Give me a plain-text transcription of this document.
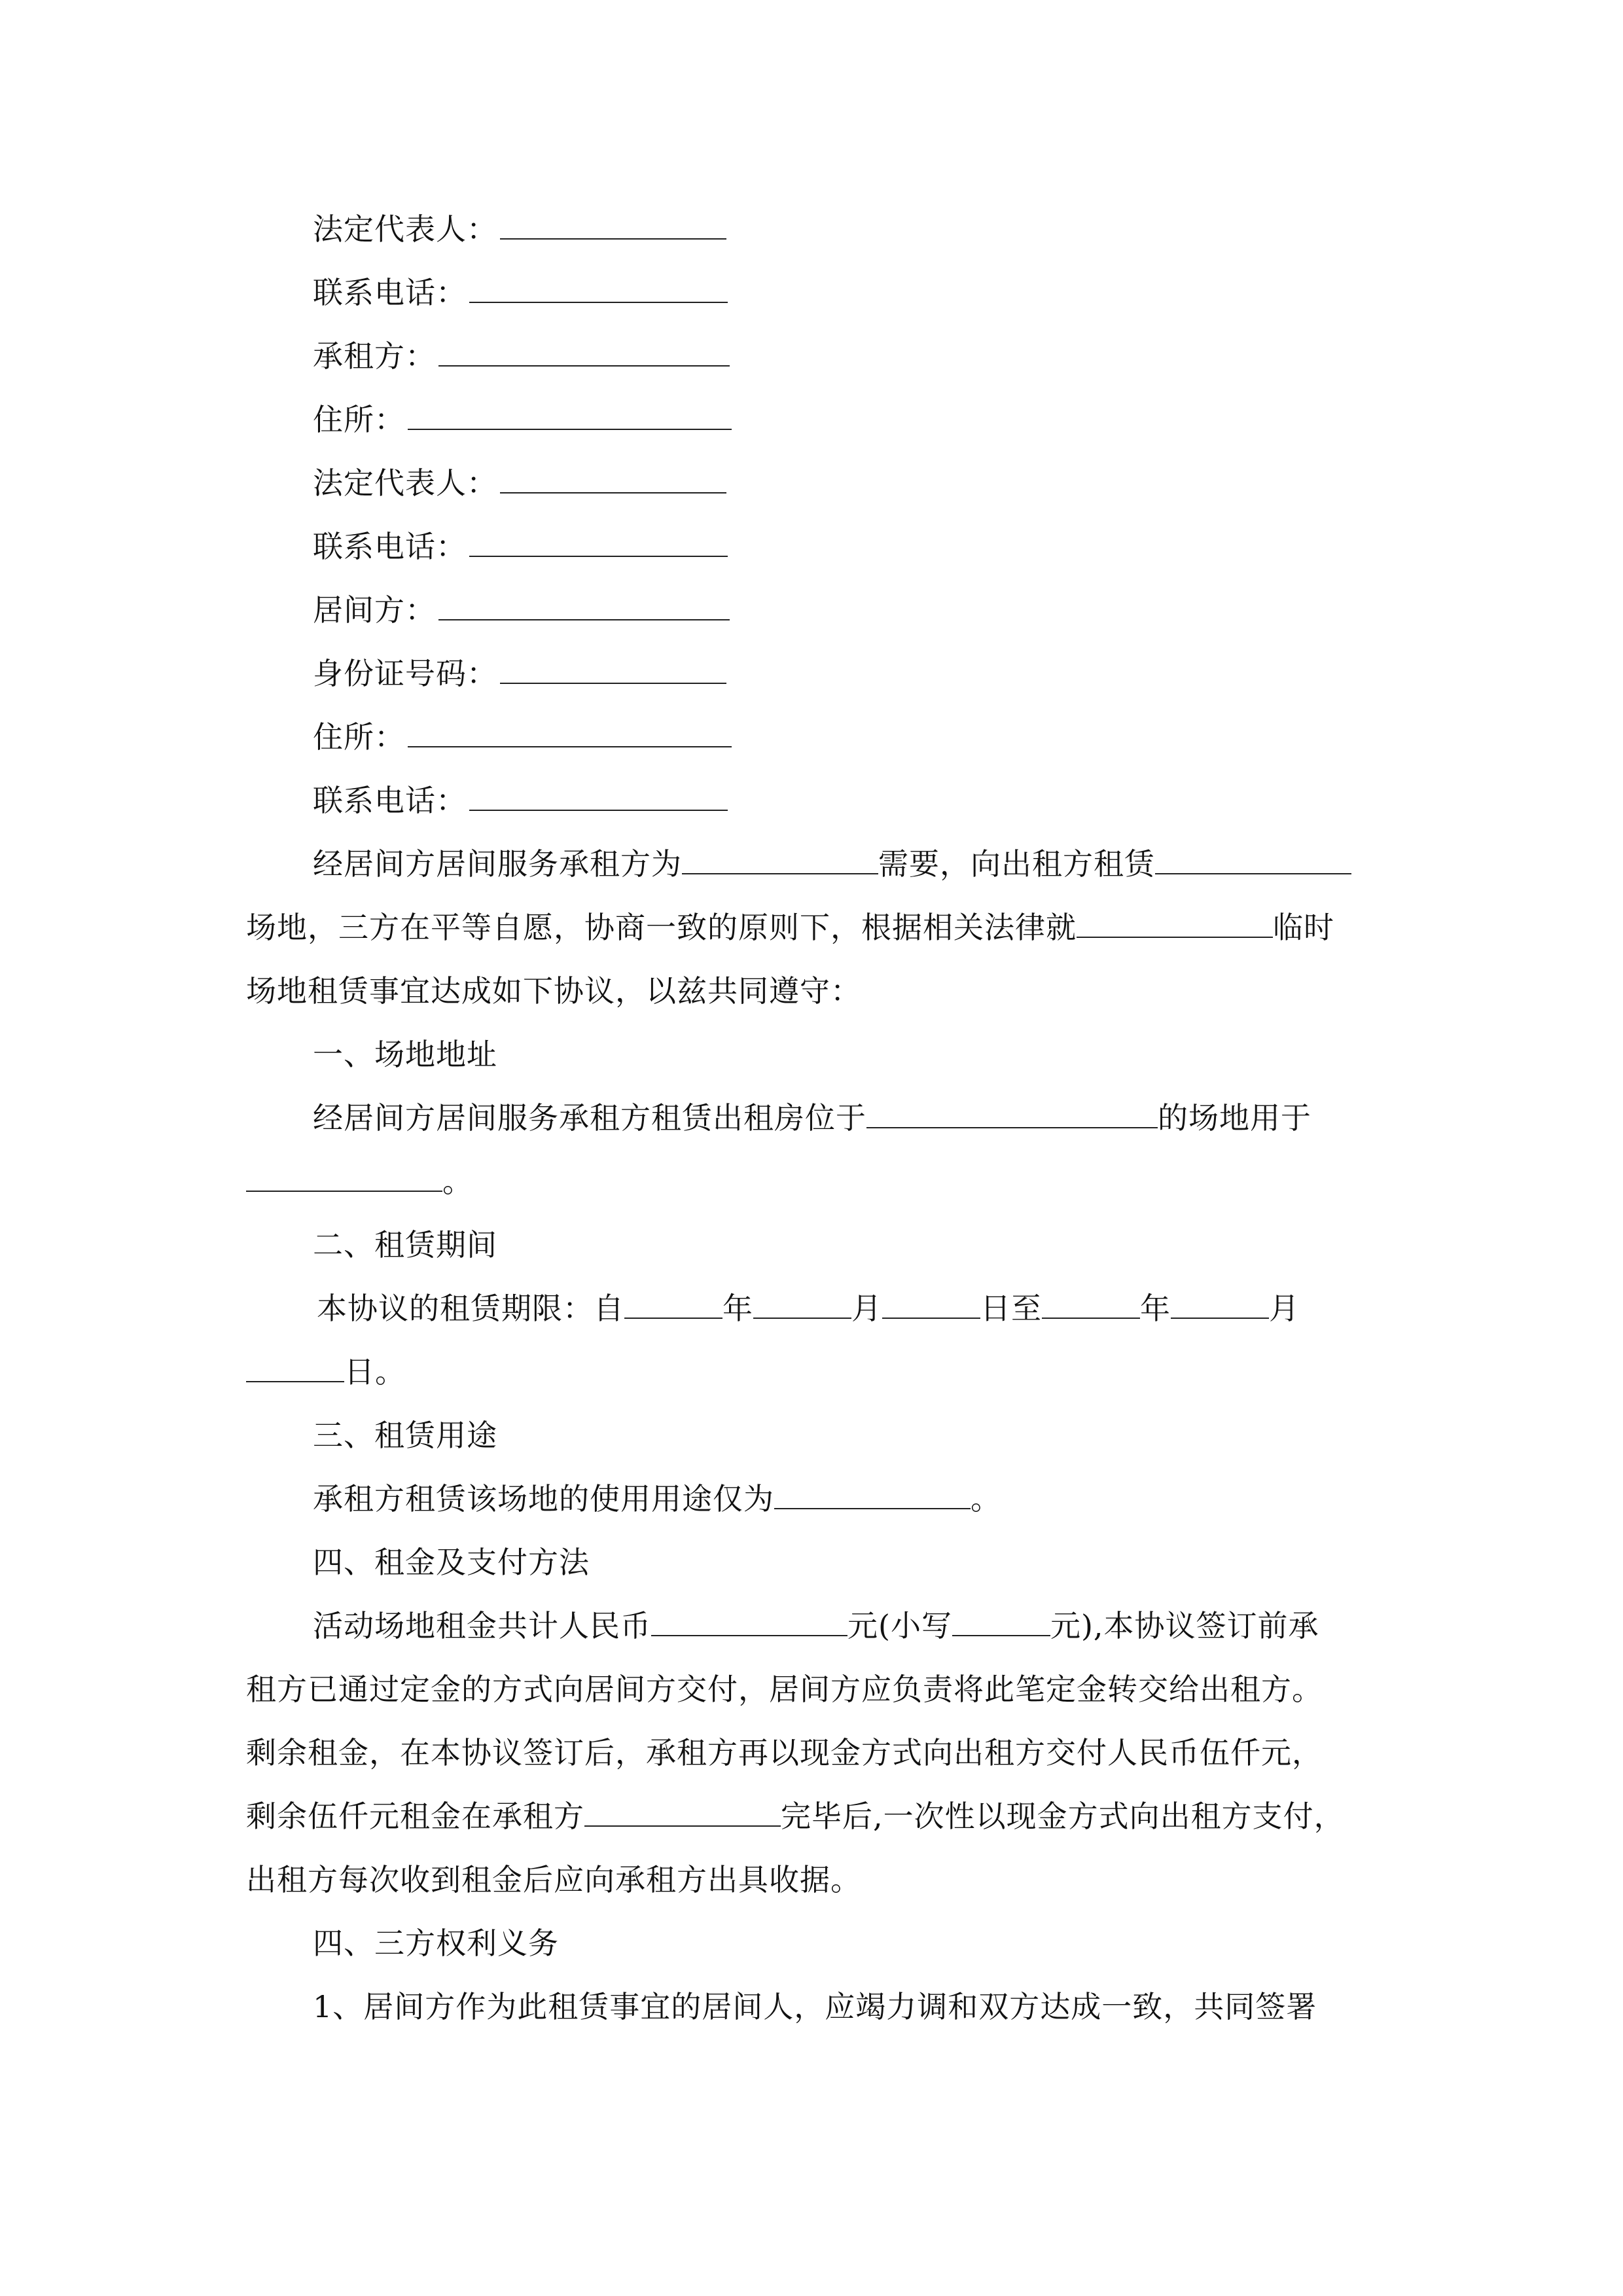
法定代表人：
联系电话：
承租方：
住所：
法定代表人：
联系电话：
居间方：
身份证号码：
住所：
联系电话：
经居间方居间服务承租方为	需要，向出租方租赁
场地，三方在平等自愿，协商一致的原则下，根据相关法律就	临时
场地租赁事宜达成如下协议，以兹共同遵守：
一、场地地址
经居间方居间服务承租方租赁出租房位于	的场地用于
。
二、租赁期间
本协议的租赁期限：自	年	月	日至	年	月
日。
三、租赁用途
承租方租赁该场地的使用用途仅为	。
四、租金及支付方法
活动场地租金共计人民币	元(小写	元),本协议签订前承
租方已通过定金的方式向居间方交付，居间方应负责将此笔定金转交给出租方。
剩余租金，在本协议签订后，承租方再以现金方式向出租方交付人民币伍仟元，
剩余伍仟元租金在承租方	完毕后,一次性以现金方式向出租方支付，
出租方每次收到租金后应向承租方出具收据。
四、三方权利义务
1、居间方作为此租赁事宜的居间人，应竭力调和双方达成一致，共同签署
